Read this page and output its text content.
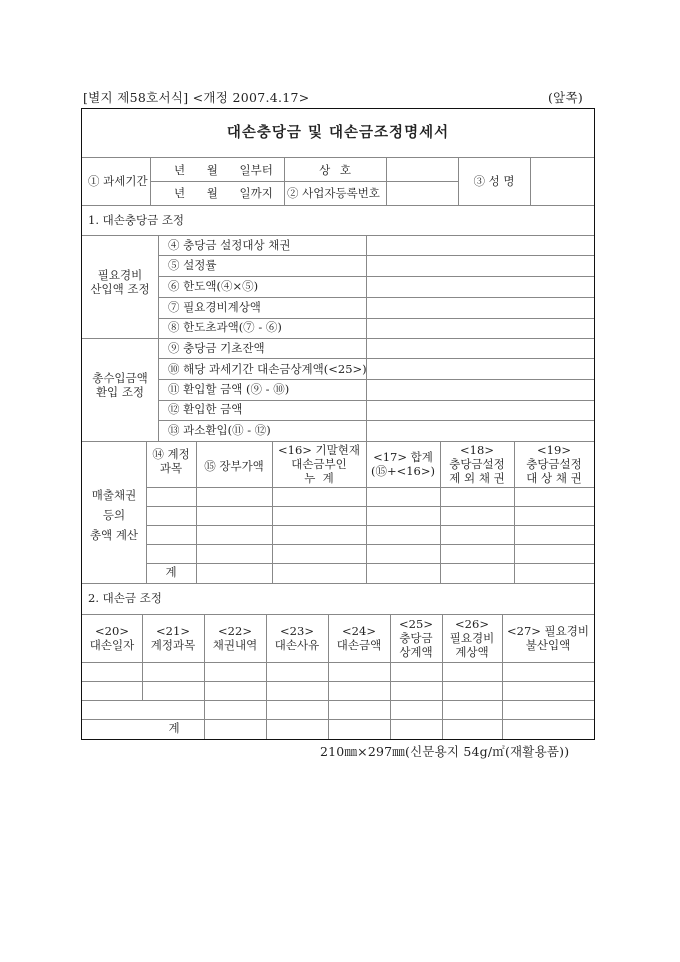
[별지 제58호서식] <개정 2007.4.17>	(앞쪽)
대손충당금 및 대손금조정명세서
① 과세기간
년 월 일부터
년 월 일까지
상 호
② 사업자등록번호
③ 성 명
1. 대손충당금 조정
필요경비
산입액 조정
④ 충당금 설정대상 채권
⑤ 설정률
⑥ 한도액(④×⑤)
⑦ 필요경비계상액
⑧ 한도초과액(⑦ - ⑥)
총수입금액
환입 조정
⑨ 충당금 기초잔액
⑩ 해당 과세기간 대손금상계액(<25>)
⑪ 환입할 금액 (⑨ - ⑩)
⑫ 환입한 금액
⑬ 과소환입(⑪ - ⑫)
매출채권
등의
총액 계산
⑭ 계정
과목	⑮ 장부가액
<16> 기말현재
대손금부인
누  계
<17> 합계
(⑮+<16>)
<18>
충당금설정
제 외 채 권
<19>
충당금설정
대 상 채 권
계
2. 대손금 조정
<20>
대손일자
<21>
계정과목
<22>
채권내역
<23>
대손사유
<24>
대손금액
<25>
충당금
상계액
<26>
필요경비
계상액
<27> 필요경비
불산입액
계
210㎜×297㎜(신문용지 54g/㎡(재활용품))
